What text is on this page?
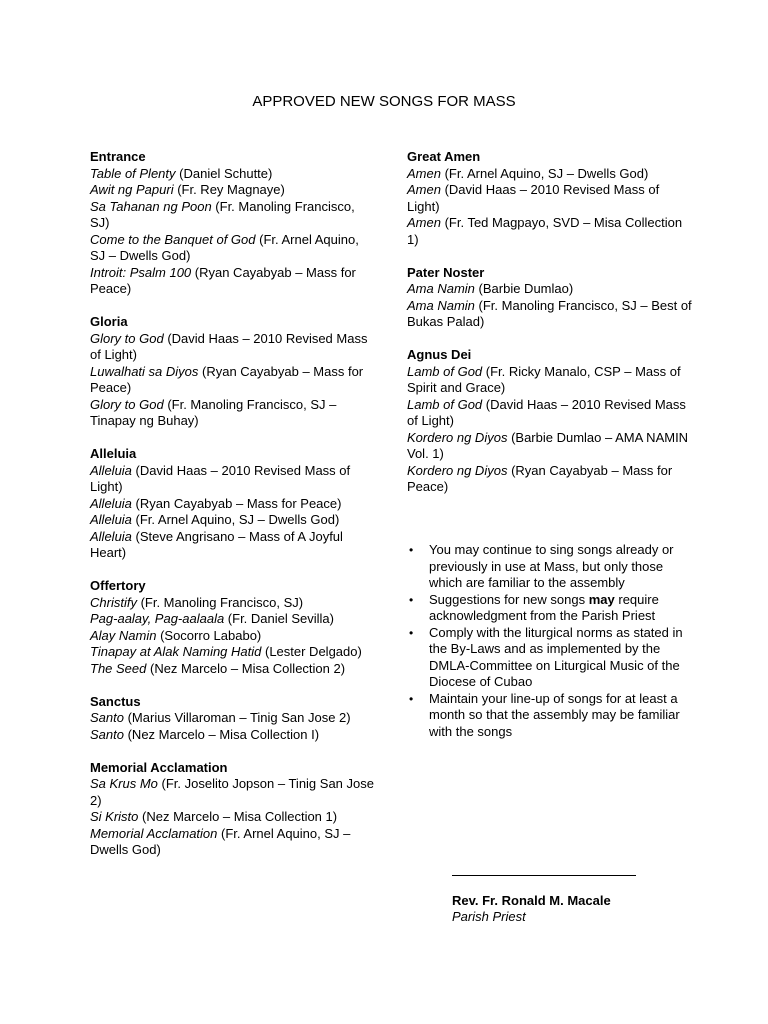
APPROVED NEW SONGS FOR MASS
Entrance
Table of Plenty (Daniel Schutte)
Awit ng Papuri (Fr. Rey Magnaye)
Sa Tahanan ng Poon (Fr. Manoling Francisco, SJ)
Come to the Banquet of God (Fr. Arnel Aquino, SJ – Dwells God)
Introit: Psalm 100 (Ryan Cayabyab – Mass for Peace)
Gloria
Glory to God (David Haas – 2010 Revised Mass of Light)
Luwalhati sa Diyos (Ryan Cayabyab – Mass for Peace)
Glory to God (Fr. Manoling Francisco, SJ – Tinapay ng Buhay)
Alleluia
Alleluia (David Haas – 2010 Revised Mass of Light)
Alleluia (Ryan Cayabyab – Mass for Peace)
Alleluia (Fr. Arnel Aquino, SJ – Dwells God)
Alleluia (Steve Angrisano – Mass of A Joyful Heart)
Offertory
Christify (Fr. Manoling Francisco, SJ)
Pag-aalay, Pag-aalaala (Fr. Daniel Sevilla)
Alay Namin (Socorro Lababo)
Tinapay at Alak Naming Hatid (Lester Delgado)
The Seed (Nez Marcelo – Misa Collection 2)
Sanctus
Santo (Marius Villaroman – Tinig San Jose 2)
Santo (Nez Marcelo – Misa Collection I)
Memorial Acclamation
Sa Krus Mo (Fr. Joselito Jopson – Tinig San Jose 2)
Si Kristo (Nez Marcelo – Misa Collection 1)
Memorial Acclamation (Fr. Arnel Aquino, SJ – Dwells God)
Great Amen
Amen (Fr. Arnel Aquino, SJ – Dwells God)
Amen (David Haas – 2010 Revised Mass of Light)
Amen (Fr. Ted Magpayo, SVD – Misa Collection 1)
Pater Noster
Ama Namin (Barbie Dumlao)
Ama Namin (Fr. Manoling Francisco, SJ – Best of Bukas Palad)
Agnus Dei
Lamb of God (Fr. Ricky Manalo, CSP – Mass of Spirit and Grace)
Lamb of God (David Haas – 2010 Revised Mass of Light)
Kordero ng Diyos (Barbie Dumlao – AMA NAMIN Vol. 1)
Kordero ng Diyos (Ryan Cayabyab – Mass for Peace)
• You may continue to sing songs already or previously in use at Mass, but only those which are familiar to the assembly
• Suggestions for new songs may require acknowledgment from the Parish Priest
• Comply with the liturgical norms as stated in the By-Laws and as implemented by the DMLA-Committee on Liturgical Music of the Diocese of Cubao
• Maintain your line-up of songs for at least a month so that the assembly may be familiar with the songs
Rev. Fr. Ronald M. Macale
Parish Priest
